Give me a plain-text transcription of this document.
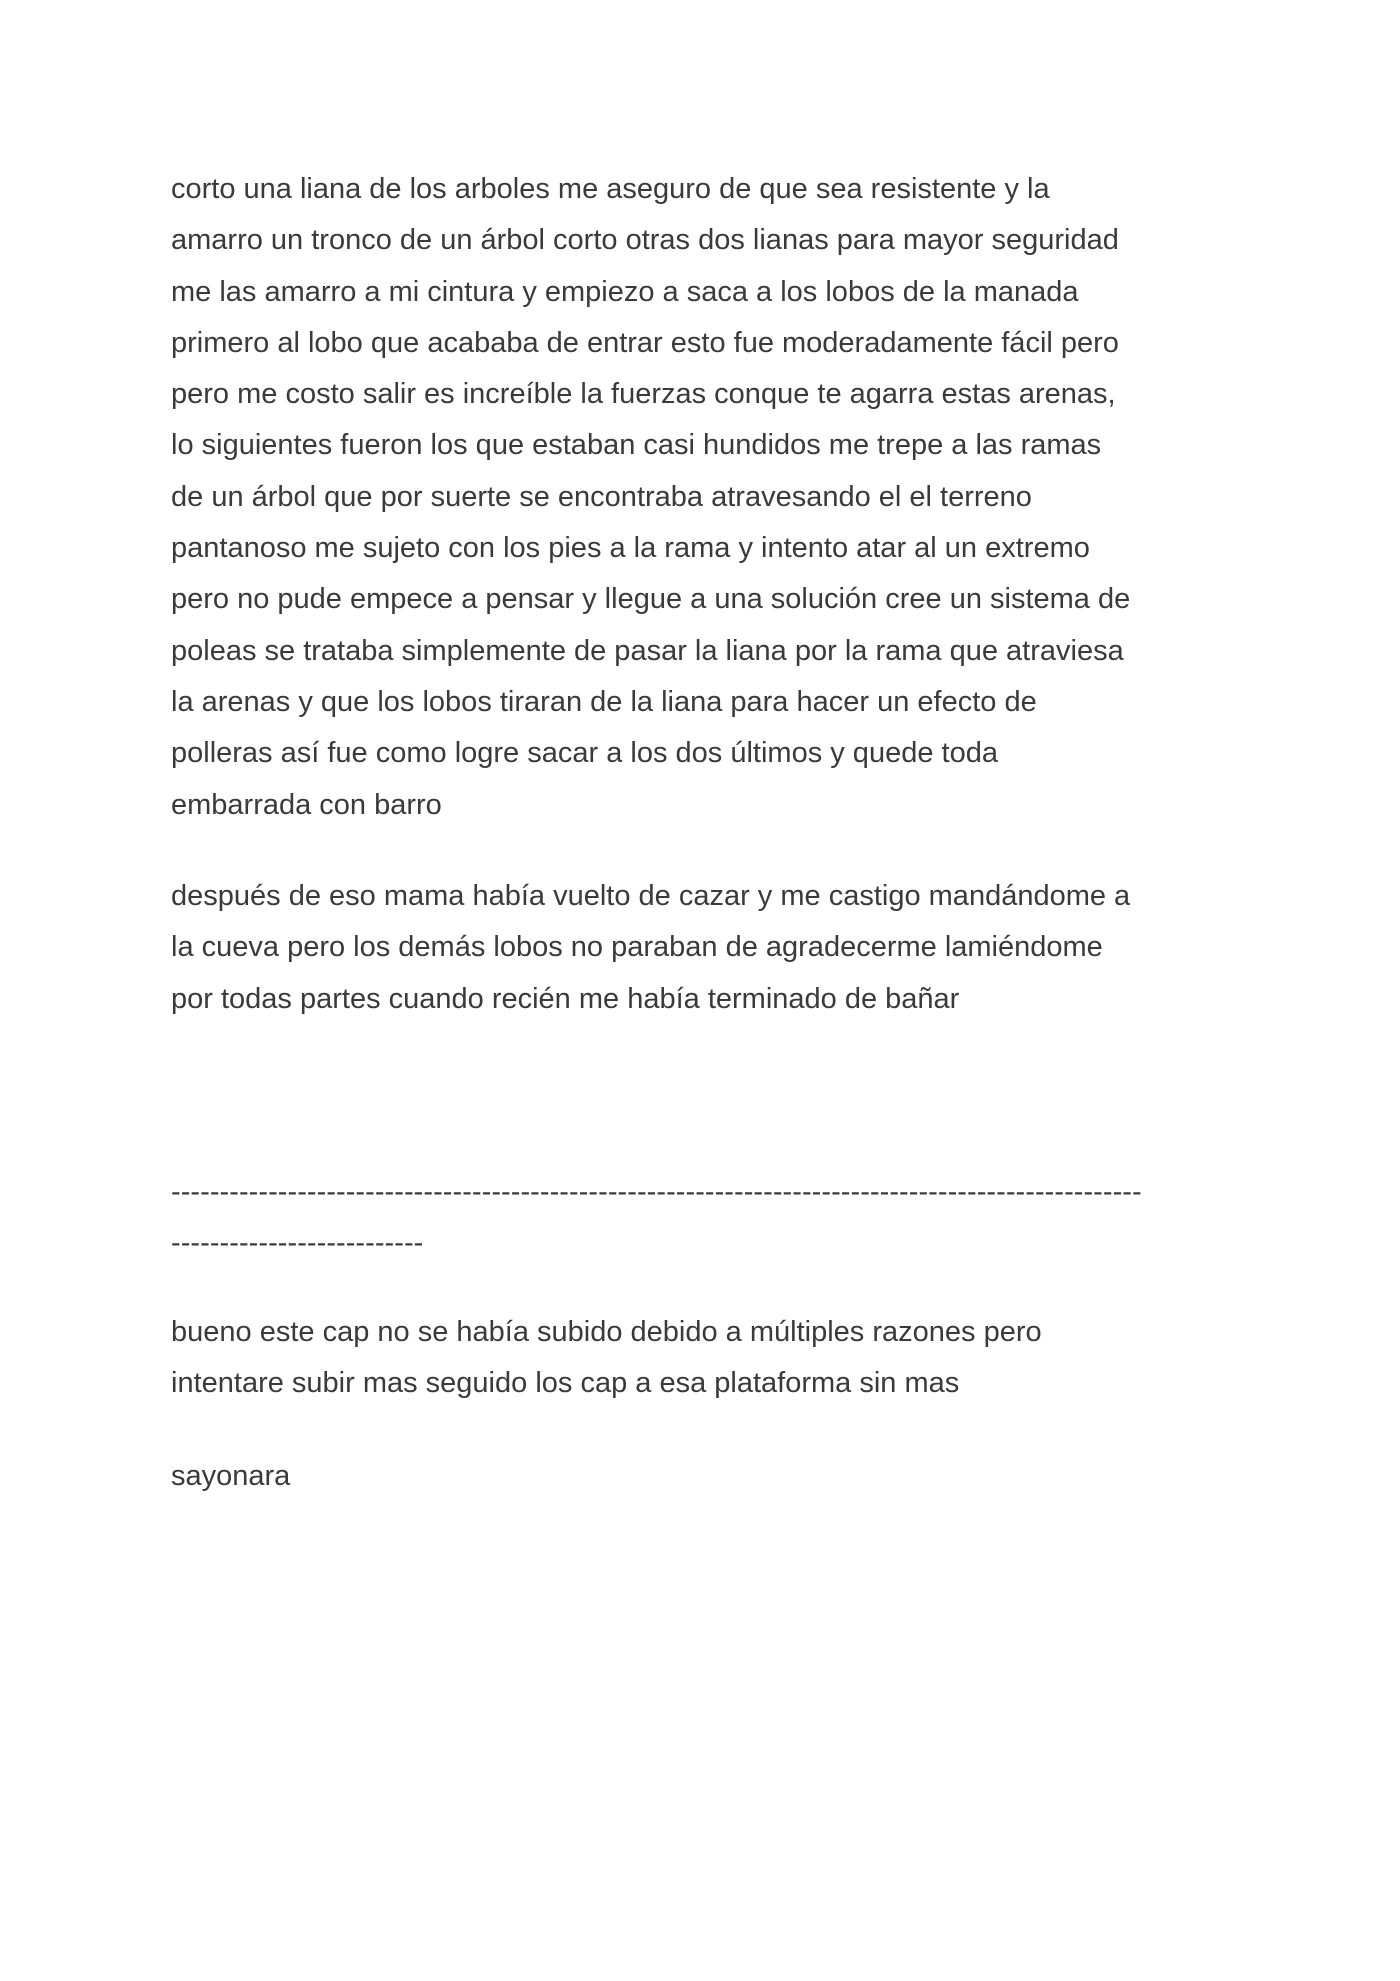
corto una liana de los arboles me aseguro de que sea resistente y la
amarro un tronco de un árbol corto otras dos lianas para mayor seguridad
me las amarro a mi cintura y empiezo a saca a los lobos de la manada
primero al lobo que acababa de entrar esto fue moderadamente fácil pero
pero me costo salir es increíble la fuerzas conque te agarra estas arenas,
lo siguientes fueron los que estaban casi hundidos me trepe a las ramas
de un árbol que por suerte se encontraba atravesando el el terreno
pantanoso me sujeto con los pies a la rama y intento atar al un extremo
pero no pude empece a pensar y llegue a una solución cree un sistema de
poleas se trataba simplemente de pasar la liana por la rama que atraviesa
la arenas y que los lobos tiraran de la liana para hacer un efecto de
polleras así fue como logre sacar a los dos últimos y quede toda
embarrada con barro

después de eso mama había vuelto de cazar y me castigo mandándome a
la cueva pero los demás lobos no paraban de agradecerme lamiéndome
por todas partes cuando recién me había terminado de bañar

----------------------------------------------------------------------------------------------------
--------------------------

bueno este cap no se había subido debido a múltiples razones pero
intentare subir mas seguido los cap a esa plataforma sin mas

sayonara
